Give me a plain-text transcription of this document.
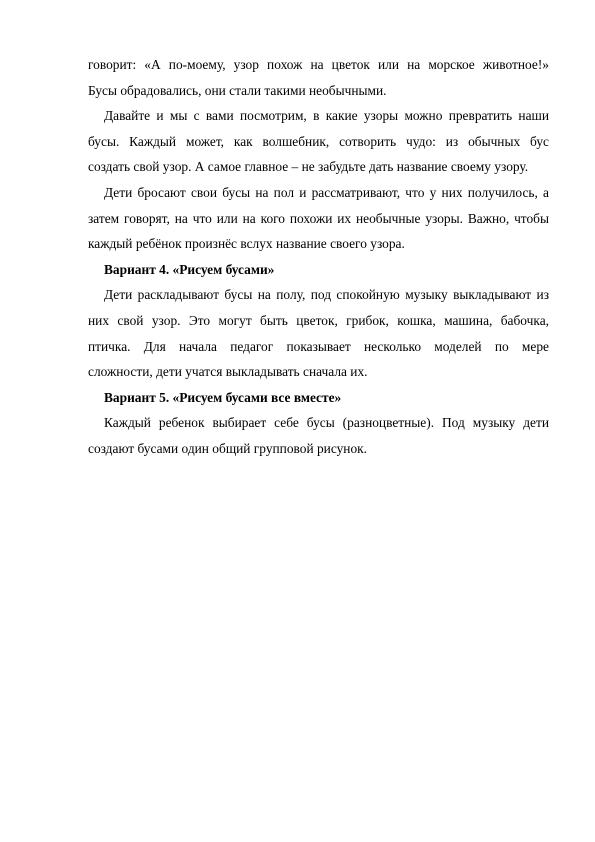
говорит: «А по-моему, узор похож на цветок или на морское животное!»
Бусы обрадовались, они стали такими необычными.
Давайте и мы с вами посмотрим, в какие узоры можно превратить наши
бусы. Каждый может, как волшебник, сотворить чудо: из обычных бус
создать свой узор. А самое главное – не забудьте дать название своему узору.
Дети бросают свои бусы на пол и рассматривают, что у них получилось, а
затем говорят, на что или на кого похожи их необычные узоры. Важно, чтобы
каждый ребёнок произнёс вслух название своего узора.
Вариант 4. «Рисуем бусами»
Дети раскладывают бусы на полу, под спокойную музыку выкладывают из
них свой узор. Это могут быть цветок, грибок, кошка, машина, бабочка,
птичка. Для начала педагог показывает несколько моделей по мере
сложности, дети учатся выкладывать сначала их.
Вариант 5. «Рисуем бусами все вместе»
Каждый ребенок выбирает себе бусы (разноцветные). Под музыку дети
создают бусами один общий групповой рисунок.
